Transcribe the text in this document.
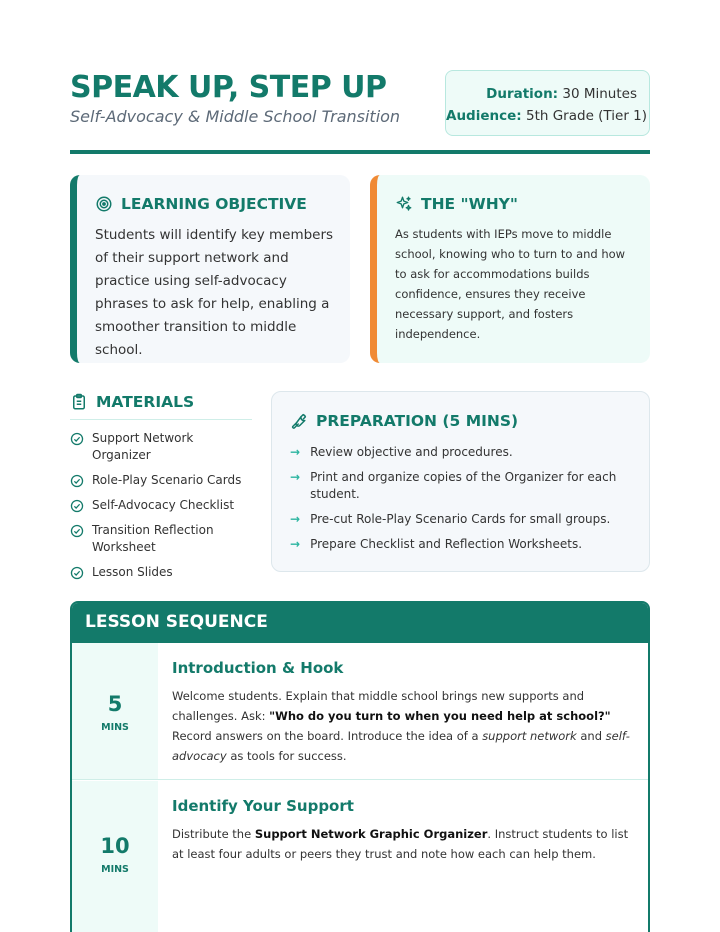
SPEAK UP, STEP UP
Self-Advocacy & Middle School Transition
Duration: 30 Minutes
Audience: 5th Grade (Tier 1)
LEARNING OBJECTIVE
Students will identify key members of their support network and practice using self-advocacy phrases to ask for help, enabling a smoother transition to middle school.
THE "WHY"
As students with IEPs move to middle school, knowing who to turn to and how to ask for accommodations builds confidence, ensures they receive necessary support, and fosters independence.
MATERIALS
Support Network Organizer
Role-Play Scenario Cards
Self-Advocacy Checklist
Transition Reflection Worksheet
Lesson Slides
PREPARATION (5 MINS)
→ Review objective and procedures.
→ Print and organize copies of the Organizer for each student.
→ Pre-cut Role-Play Scenario Cards for small groups.
→ Prepare Checklist and Reflection Worksheets.
LESSON SEQUENCE
5
MINS
Introduction & Hook
Welcome students. Explain that middle school brings new supports and challenges. Ask: "Who do you turn to when you need help at school?" Record answers on the board. Introduce the idea of a support network and self-advocacy as tools for success.
10
MINS
Identify Your Support
Distribute the Support Network Graphic Organizer. Instruct students to list at least four adults or peers they trust and note how each can help them.
